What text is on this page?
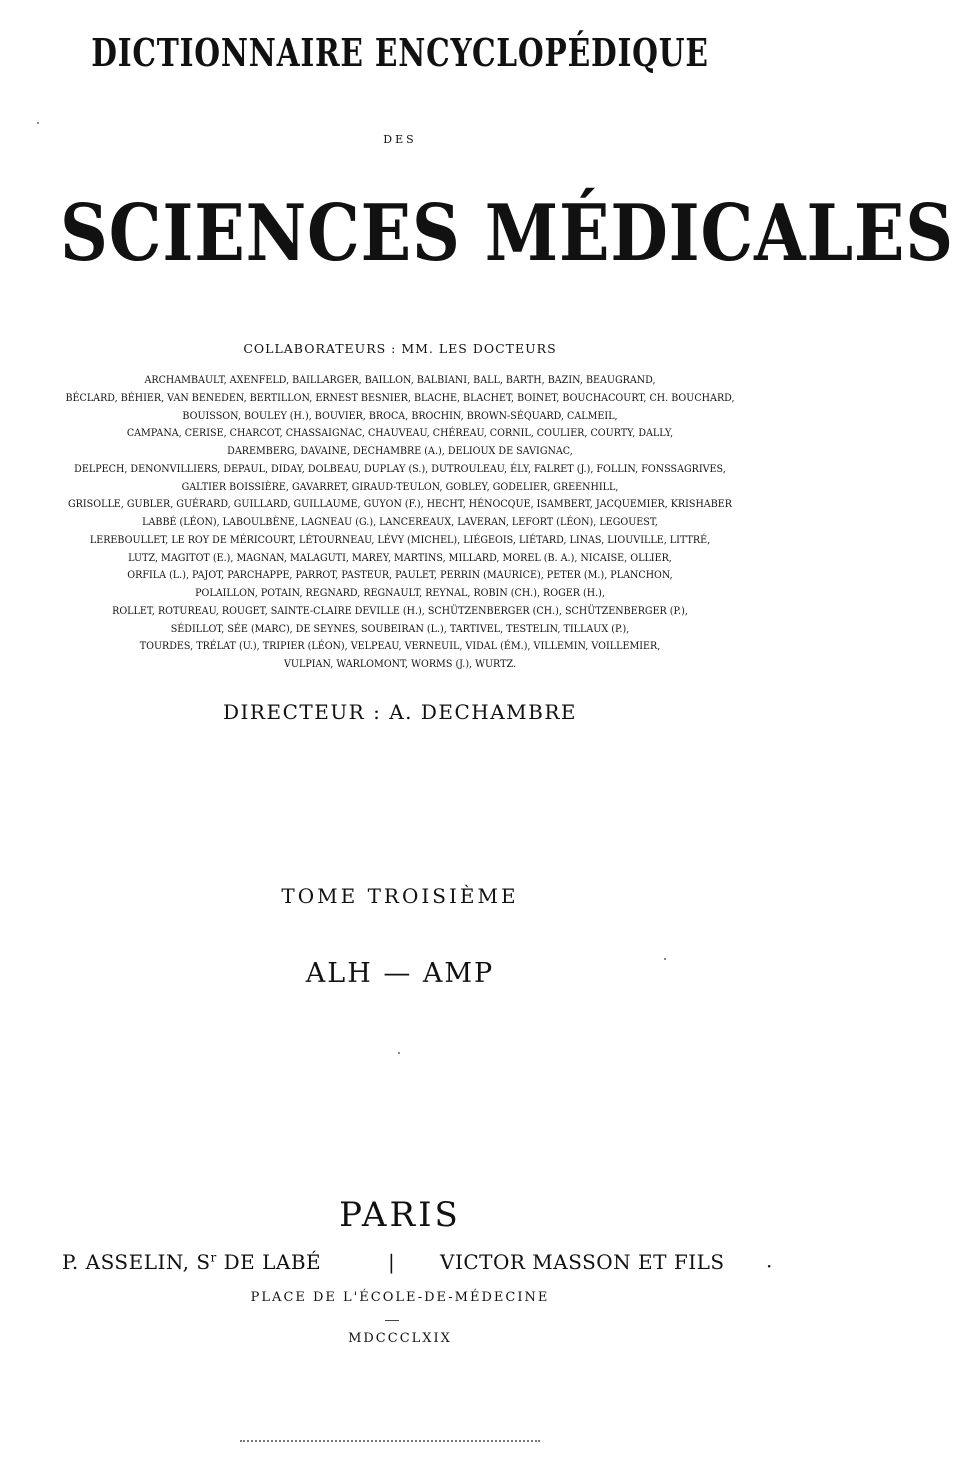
DICTIONNAIRE ENCYCLOPÉDIQUE
DES
SCIENCES MÉDICALES
COLLABORATEURS : MM. LES DOCTEURS
ARCHAMBAULT, AXENFELD, BAILLARGER, BAILLON, BALBIANI, BALL, BARTH, BAZIN, BEAUGRAND,
BÉCLARD, BÉHIER, VAN BENEDEN, BERTILLON, ERNEST BESNIER, BLACHE, BLACHET, BOINET, BOUCHACOURT, CH. BOUCHARD,
BOUISSON, BOULEY (H.), BOUVIER, BROCA, BROCHIN, BROWN-SÉQUARD, CALMEIL,
CAMPANA, CERISE, CHARCOT, CHASSAIGNAC, CHAUVEAU, CHÉREAU, CORNIL, COULIER, COURTY, DALLY,
DAREMBERG, DAVAINE, DECHAMBRE (A.), DELIOUX DE SAVIGNAC,
DELPECH, DENONVILLIERS, DEPAUL, DIDAY, DOLBEAU, DUPLAY (S.), DUTROULEAU, ÉLY, FALRET (J.), FOLLIN, FONSSAGRIVES,
GALTIER BOISSIÈRE, GAVARRET, GIRAUD-TEULON, GOBLEY, GODELIER, GREENHILL,
GRISOLLE, GUBLER, GUÉRARD, GUILLARD, GUILLAUME, GUYON (F.), HECHT, HÉNOCQUE, ISAMBERT, JACQUEMIER, KRISHABER
LABBÉ (LÉON), LABOULBÈNE, LAGNEAU (G.), LANCEREAUX, LAVERAN, LEFORT (LÉON), LEGOUEST,
LEREBOULLET, LE ROY DE MÉRICOURT, LÉTOURNEAU, LÉVY (MICHEL), LIÉGEOIS, LIÉTARD, LINAS, LIOUVILLE, LITTRÉ,
LUTZ, MAGITOT (E.), MAGNAN, MALAGUTI, MAREY, MARTINS, MILLARD, MOREL (B. A.), NICAISE, OLLIER,
ORFILA (L.), PAJOT, PARCHAPPE, PARROT, PASTEUR, PAULET, PERRIN (MAURICE), PETER (M.), PLANCHON,
POLAILLON, POTAIN, REGNARD, REGNAULT, REYNAL, ROBIN (CH.), ROGER (H.),
ROLLET, ROTUREAU, ROUGET, SAINTE-CLAIRE DEVILLE (H.), SCHÜTZENBERGER (CH.), SCHÜTZENBERGER (P.),
SÉDILLOT, SÉE (MARC), DE SEYNES, SOUBEIRAN (L.), TARTIVEL, TESTELIN, TILLAUX (P.),
TOURDES, TRÉLAT (U.), TRIPIER (LÉON), VELPEAU, VERNEUIL, VIDAL (ÉM.), VILLEMIN, VOILLEMIER,
VULPIAN, WARLOMONT, WORMS (J.), WURTZ.
DIRECTEUR : A. DECHAMBRE
TOME TROISIÈME
ALH — AMP
PARIS
P. ASSELIN, $S^r$ DE LABÉ	| VICTOR MASSON ET FILS ·
PLACE DE L'ÉCOLE-DE-MÉDECINE
MDCCCLXIX
